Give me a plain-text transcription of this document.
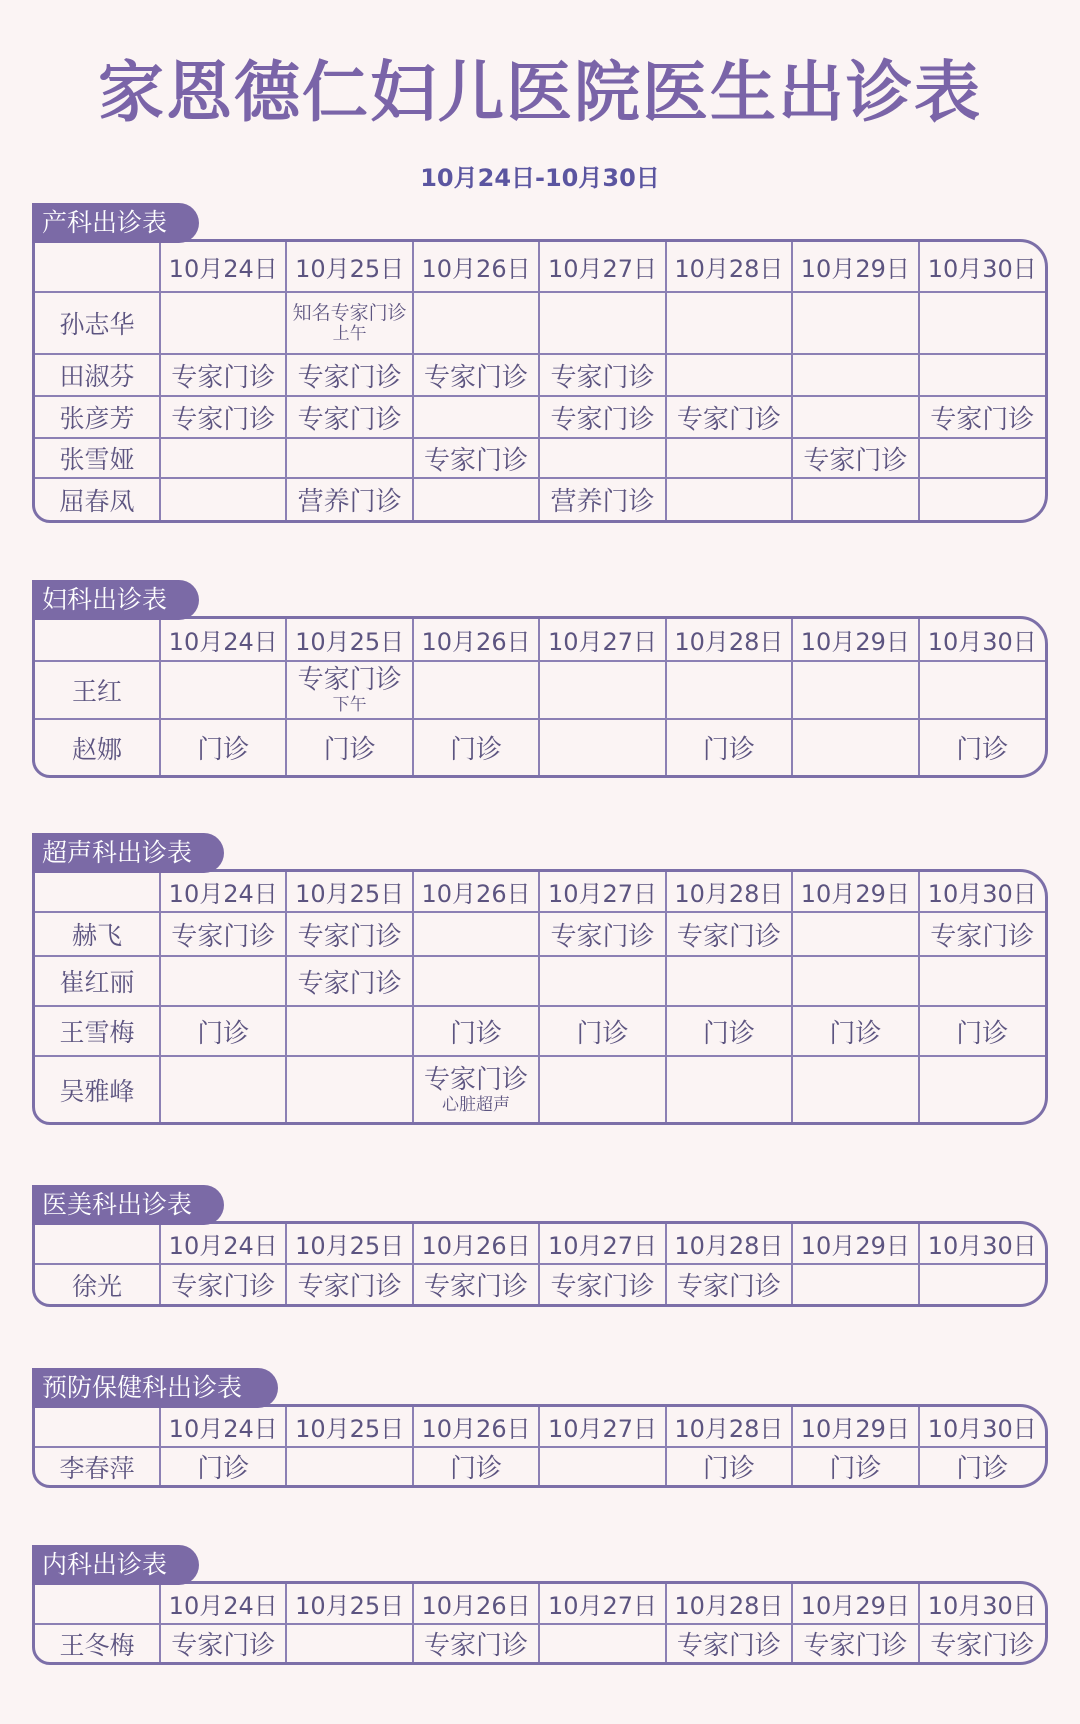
家恩德仁妇儿医院医生出诊表
10月24日-10月30日
产科出诊表
	10月24日	10月25日	10月26日	10月27日	10月28日	10月29日	10月30日
孙志华		知名专家门诊
上午					

田淑芬	专家门诊	专家门诊	专家门诊	专家门诊			
张彦芳	专家门诊	专家门诊		专家门诊	专家门诊		专家门诊
张雪娅			专家门诊			专家门诊	
屈春凤		营养门诊		营养门诊			
妇科出诊表
	10月24日	10月25日	10月26日	10月27日	10月28日	10月29日	10月30日
王红		专家门诊
下午					

赵娜	门诊	门诊	门诊		门诊		门诊
超声科出诊表
	10月24日	10月25日	10月26日	10月27日	10月28日	10月29日	10月30日
赫飞	专家门诊	专家门诊		专家门诊	专家门诊		专家门诊
崔红丽		专家门诊					
王雪梅	门诊		门诊	门诊	门诊	门诊	门诊
吴雅峰			专家门诊
心脏超声				

医美科出诊表
	10月24日	10月25日	10月26日	10月27日	10月28日	10月29日	10月30日
徐光	专家门诊	专家门诊	专家门诊	专家门诊	专家门诊		
预防保健科出诊表
	10月24日	10月25日	10月26日	10月27日	10月28日	10月29日	10月30日
李春萍	门诊		门诊		门诊	门诊	门诊
内科出诊表
	10月24日	10月25日	10月26日	10月27日	10月28日	10月29日	10月30日
王冬梅	专家门诊		专家门诊		专家门诊	专家门诊	专家门诊
